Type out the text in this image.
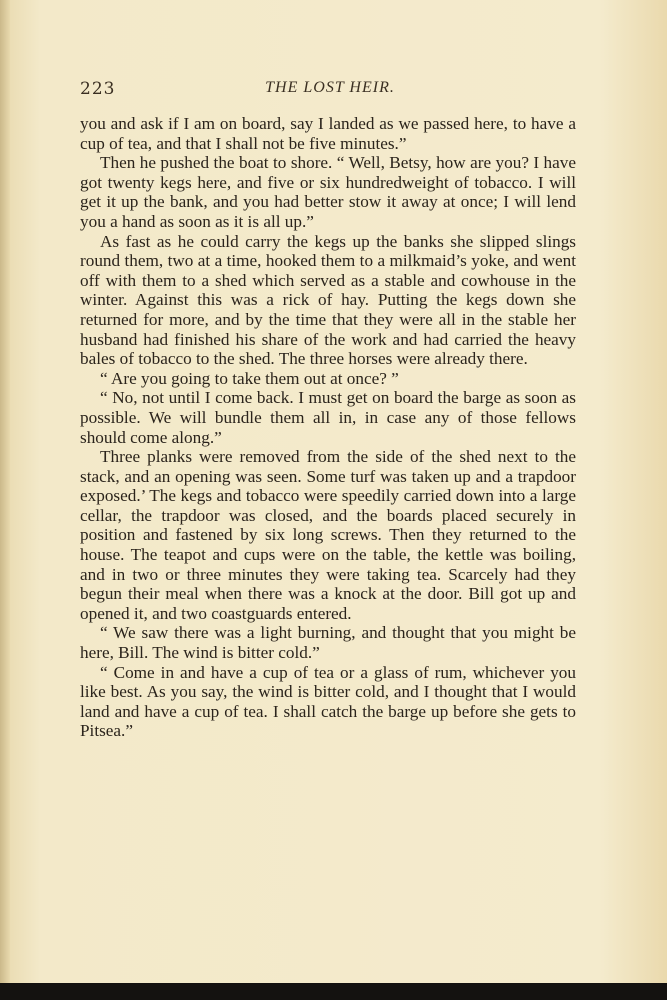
223	THE LOST HEIR.

you and ask if I am on board, say I landed as we passed here, to have a cup of tea, and that I shall not be five minutes.”

Then he pushed the boat to shore. “ Well, Betsy, how are you? I have got twenty kegs here, and five or six hundredweight of tobacco. I will get it up the bank, and you had better stow it away at once; I will lend you a hand as soon as it is all up.”

As fast as he could carry the kegs up the banks she slipped slings round them, two at a time, hooked them to a milkmaid’s yoke, and went off with them to a shed which served as a stable and cowhouse in the winter. Against this was a rick of hay. Putting the kegs down she returned for more, and by the time that they were all in the stable her husband had finished his share of the work and had carried the heavy bales of tobacco to the shed. The three horses were already there.

“ Are you going to take them out at once? ”

“ No, not until I come back. I must get on board the barge as soon as possible. We will bundle them all in, in case any of those fellows should come along.”

Three planks were removed from the side of the shed next to the stack, and an opening was seen. Some turf was taken up and a trapdoor exposed.’ The kegs and tobacco were speedily carried down into a large cellar, the trapdoor was closed, and the boards placed securely in position and fastened by six long screws. Then they returned to the house. The teapot and cups were on the table, the kettle was boiling, and in two or three minutes they were taking tea. Scarcely had they begun their meal when there was a knock at the door. Bill got up and opened it, and two coastguards entered.

“ We saw there was a light burning, and thought that you might be here, Bill. The wind is bitter cold.”

“ Come in and have a cup of tea or a glass of rum, whichever you like best. As you say, the wind is bitter cold, and I thought that I would land and have a cup of tea. I shall catch the barge up before she gets to Pitsea.”
